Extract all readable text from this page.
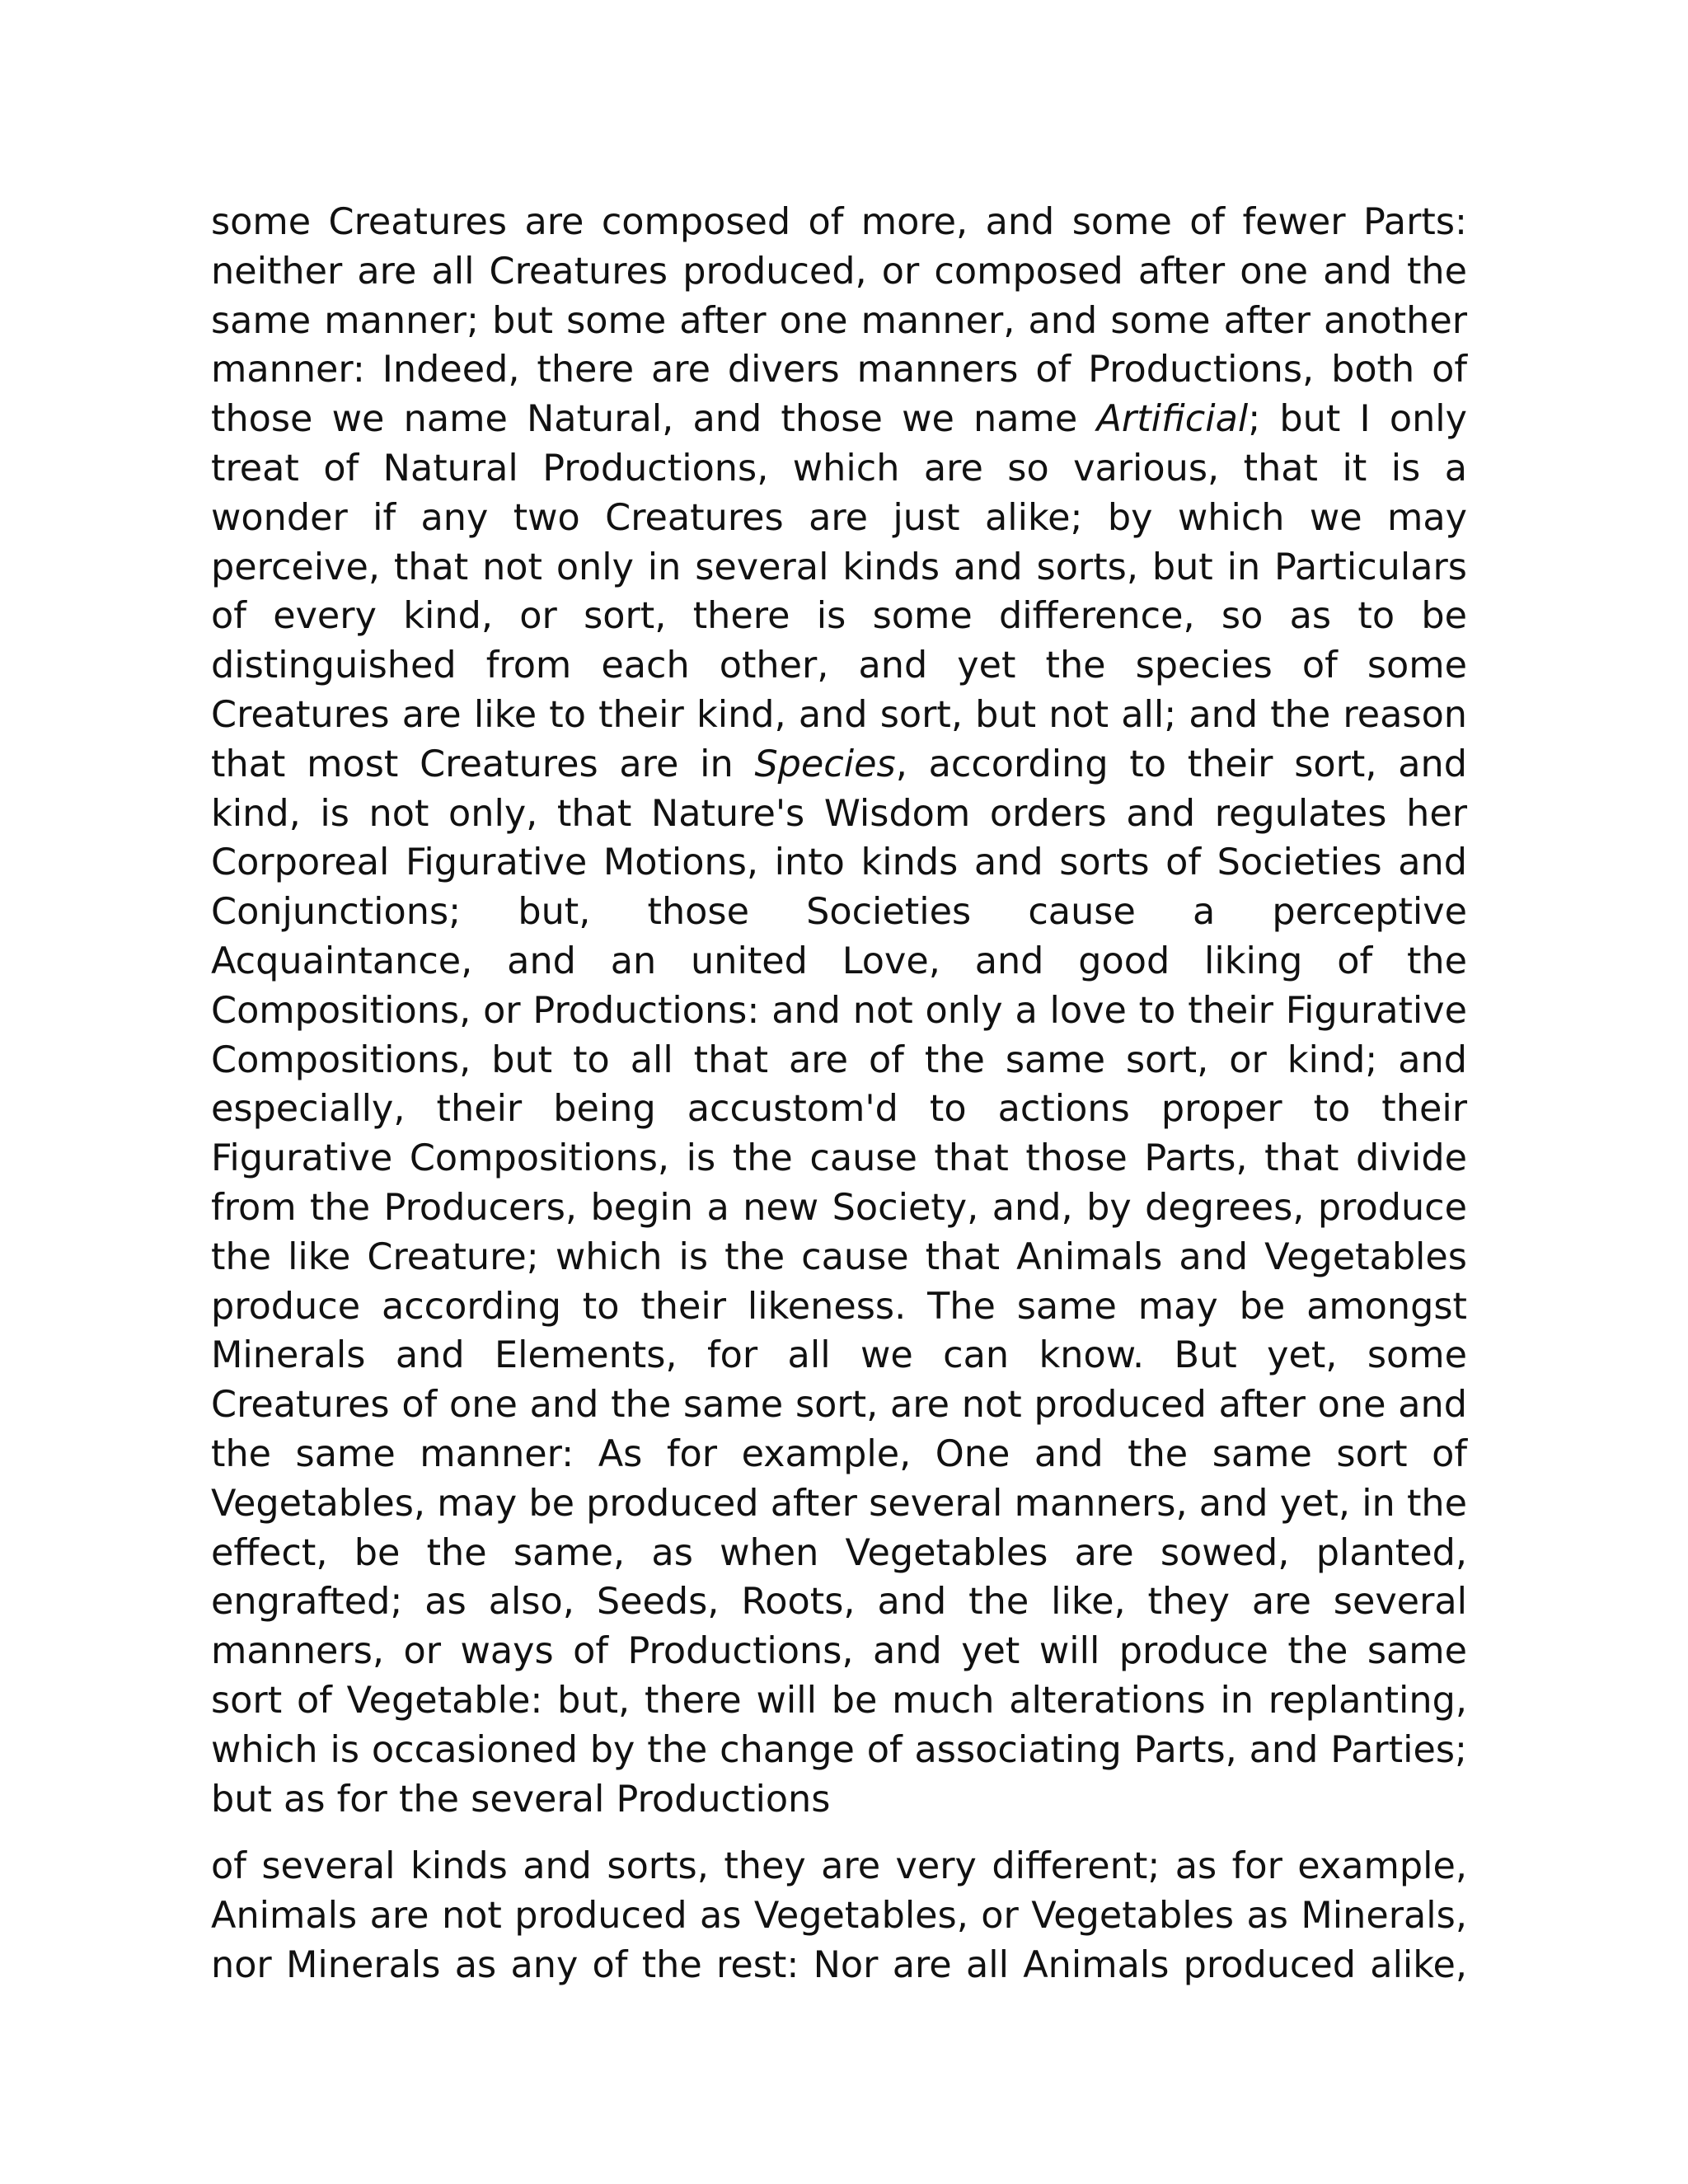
some Creatures are composed of more, and some of fewer Parts: neither are all Creatures produced, or composed after one and the same manner; but some after one manner, and some after another manner: Indeed, there are divers manners of Productions, both of those we name Natural, and those we name Artificial; but I only treat of Natural Productions, which are so various, that it is a wonder if any two Creatures are just alike; by which we may perceive, that not only in several kinds and sorts, but in Particulars of every kind, or sort, there is some difference, so as to be distinguished from each other, and yet the species of some Creatures are like to their kind, and sort, but not all; and the reason that most Creatures are in Species, according to their sort, and kind, is not only, that Nature's Wisdom orders and regulates her Corporeal Figurative Motions, into kinds and sorts of Societies and Conjunctions; but, those Societies cause a perceptive Acquaintance, and an united Love, and good liking of the Compositions, or Productions: and not only a love to their Figurative Compositions, but to all that are of the same sort, or kind; and especially, their being accustom'd to actions proper to their Figurative Compositions, is the cause that those Parts, that divide from the Producers, begin a new Society, and, by degrees, produce the like Creature; which is the cause that Animals and Vegetables produce according to their likeness. The same may be amongst Minerals and Elements, for all we can know. But yet, some Creatures of one and the same sort, are not produced after one and the same manner: As for example, One and the same sort of Vegetables, may be produced after several manners, and yet, in the effect, be the same, as when Vegetables are sowed, planted, engrafted; as also, Seeds, Roots, and the like, they are several manners, or ways of Productions, and yet will produce the same sort of Vegetable: but, there will be much alterations in replanting, which is occasioned by the change of associating Parts, and Parties; but as for the several Productions

of several kinds and sorts, they are very different; as for example, Animals are not produced as Vegetables, or Vegetables as Minerals, nor Minerals as any of the rest: Nor are all Animals produced alike,
